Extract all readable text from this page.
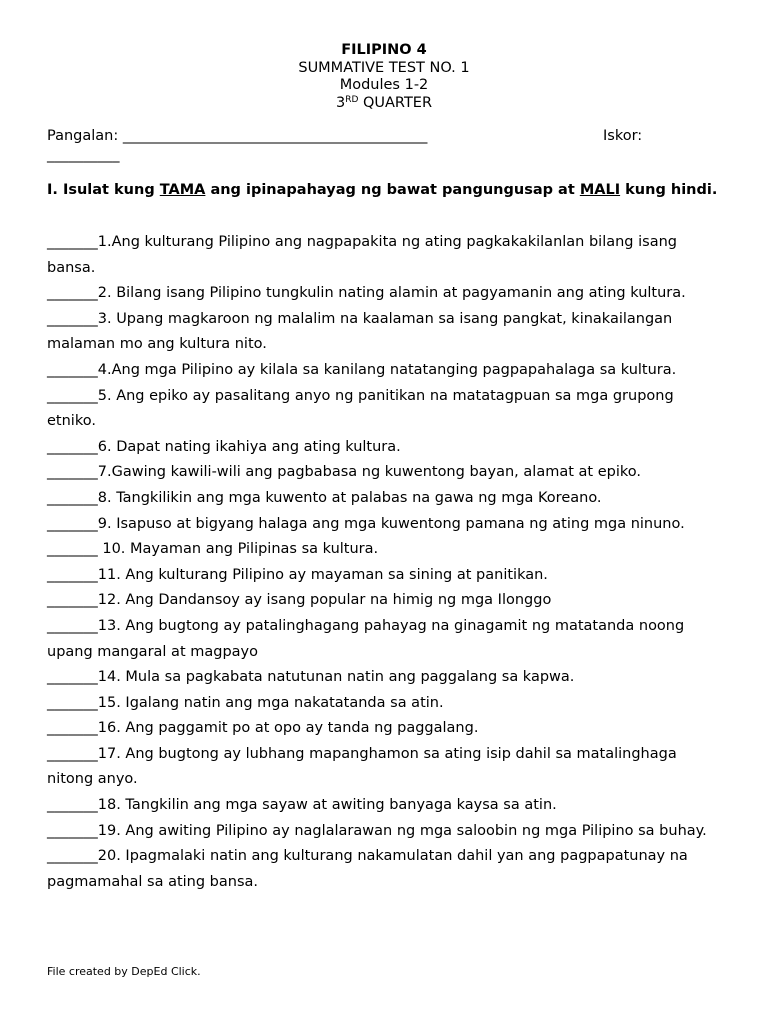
FILIPINO 4
SUMMATIVE TEST NO. 1
Modules 1-2
3RD QUARTER
Pangalan: __________________________________________	Iskor:
__________
I. Isulat kung TAMA ang ipinapahayag ng bawat pangungusap at MALI kung hindi.

_______1.Ang kulturang Pilipino ang nagpapakita ng ating pagkakakilanlan bilang isang bansa.

_______2. Bilang isang Pilipino tungkulin nating alamin at pagyamanin ang ating kultura.

_______3. Upang magkaroon ng malalim na kaalaman sa isang pangkat, kinakailangan malaman mo ang kultura nito.

_______4.Ang mga Pilipino ay kilala sa kanilang natatanging pagpapahalaga sa kultura.

_______5. Ang epiko ay pasalitang anyo ng panitikan na matatagpuan sa mga grupong etniko.

_______6. Dapat nating ikahiya ang ating kultura.

_______7.Gawing kawili-wili ang pagbabasa ng kuwentong bayan, alamat at epiko.

_______8. Tangkilikin ang mga kuwento at palabas na gawa ng mga Koreano.

_______9. Isapuso at bigyang halaga ang mga kuwentong pamana ng ating mga ninuno.

_______ 10. Mayaman ang Pilipinas sa kultura.

_______11. Ang kulturang Pilipino ay mayaman sa sining at panitikan.

_______12. Ang Dandansoy ay isang popular na himig ng mga Ilonggo

_______13. Ang bugtong ay patalinghagang pahayag na ginagamit ng matatanda noong upang mangaral at magpayo

_______14. Mula sa pagkabata natutunan natin ang paggalang sa kapwa.

_______15. Igalang natin ang mga nakatatanda sa atin.

_______16. Ang paggamit po at opo ay tanda ng paggalang.

_______17. Ang bugtong ay lubhang mapanghamon sa ating isip dahil sa matalinghaga nitong anyo.

_______18. Tangkilin ang mga sayaw at awiting banyaga kaysa sa atin.

_______19. Ang awiting Pilipino ay naglalarawan ng mga saloobin ng mga Pilipino sa buhay.

_______20. Ipagmalaki natin ang kulturang nakamulatan dahil yan ang pagpapatunay na pagmamahal sa ating bansa.

File created by DepEd Click.
